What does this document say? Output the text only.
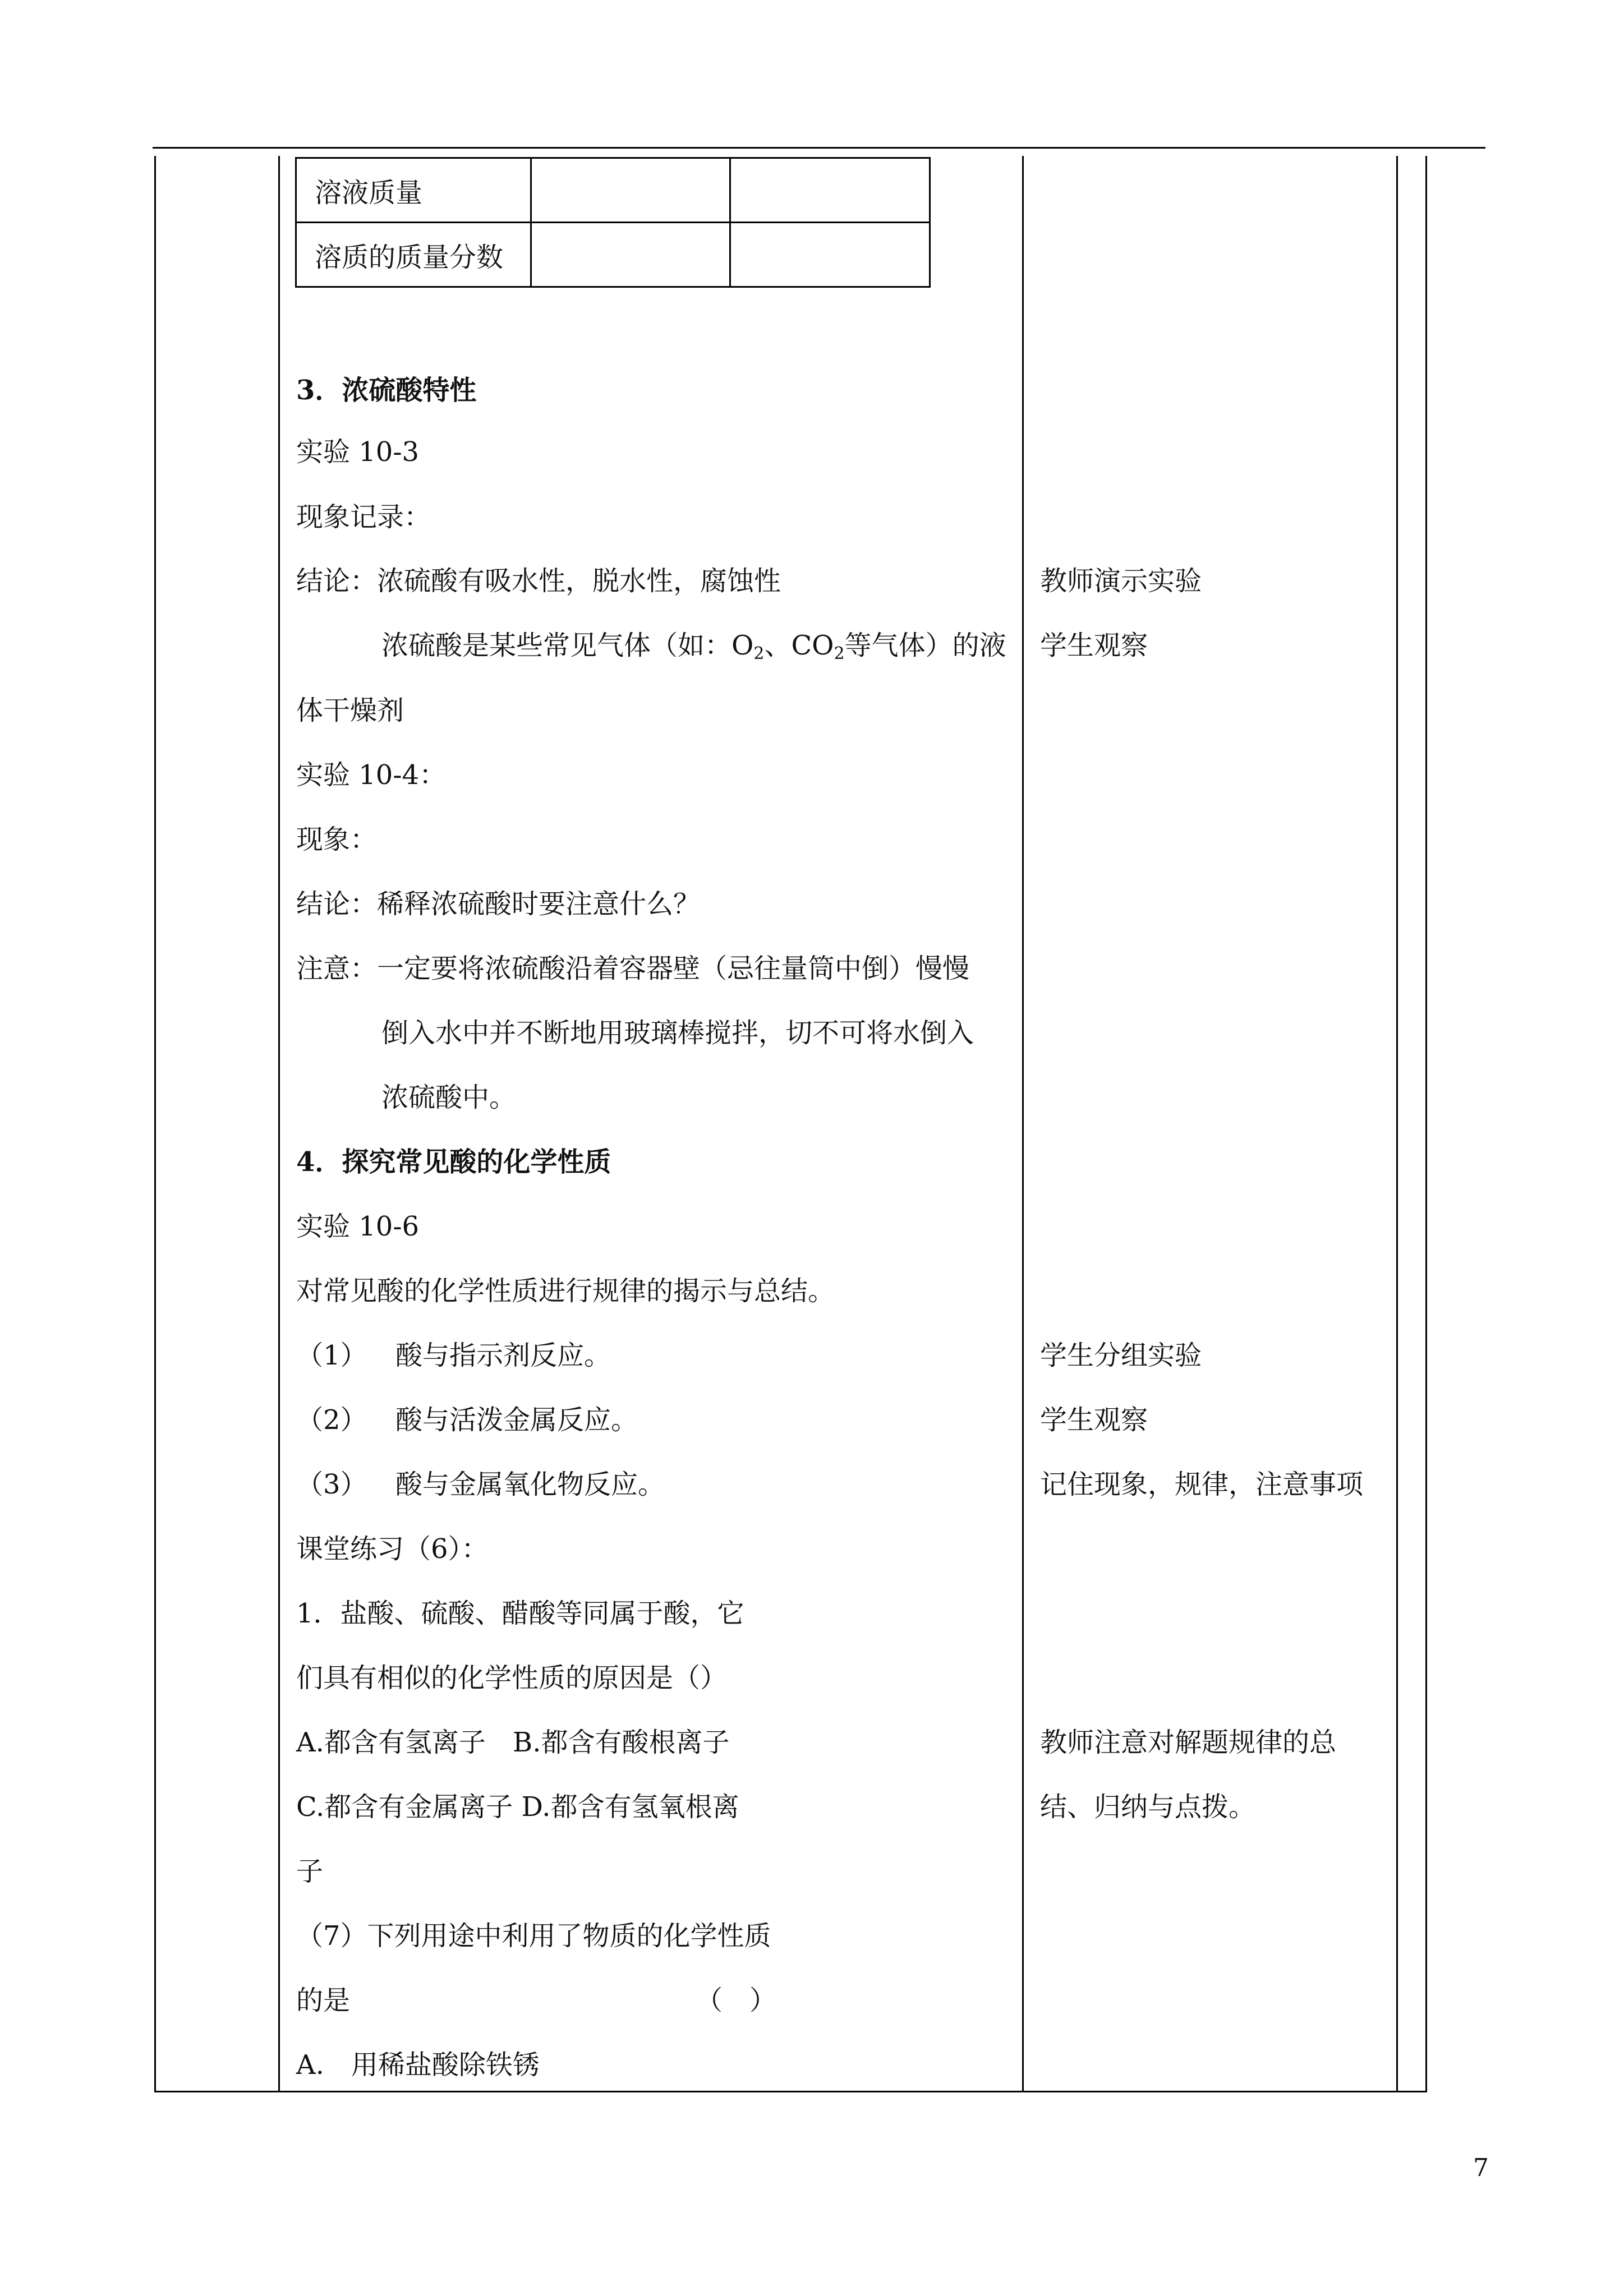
溶液质量		
溶质的质量分数		
3．浓硫酸特性
实验 10-3
现象记录：
结论：浓硫酸有吸水性，脱水性，腐蚀性
浓硫酸是某些常见气体（如：$O_2$、$CO_2$等气体）的液
体干燥剂
实验 10-4：
现象：
结论：稀释浓硫酸时要注意什么？
注意：一定要将浓硫酸沿着容器壁（忌往量筒中倒）慢慢
倒入水中并不断地用玻璃棒搅拌，切不可将水倒入
浓硫酸中。
4．探究常见酸的化学性质
实验 10-6
对常见酸的化学性质进行规律的揭示与总结。
（1） 酸与指示剂反应。
（2） 酸与活泼金属反应。
（3） 酸与金属氧化物反应。
课堂练习（6）：
1．盐酸、硫酸、醋酸等同属于酸，它
们具有相似的化学性质的原因是（）
A.都含有氢离子　B.都含有酸根离子
C.都含有金属离子 D.都含有氢氧根离
子
（7）下列用途中利用了物质的化学性质
的是	（　）
A.　用稀盐酸除铁锈
教师演示实验
学生观察
学生分组实验
学生观察
记住现象，规律，注意事项
教师注意对解题规律的总
结、归纳与点拨。
7
